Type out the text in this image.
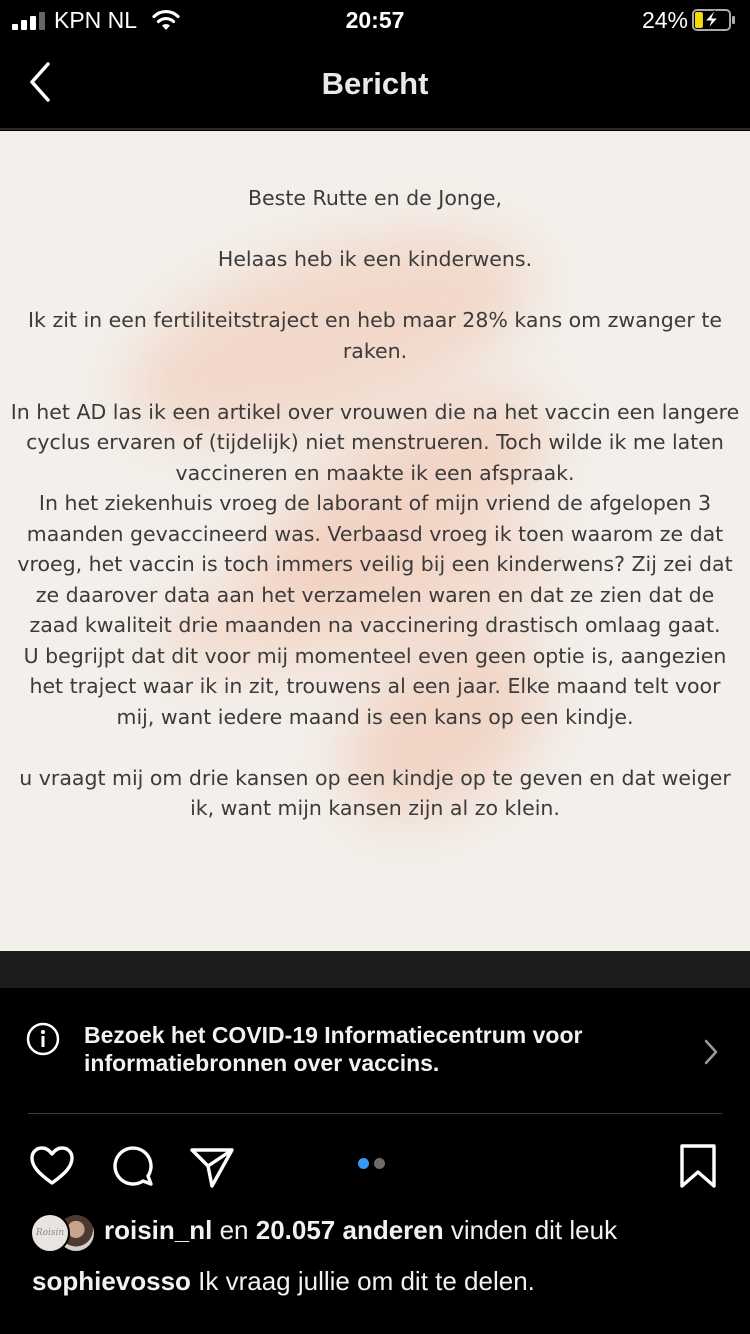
KPN NL	20:57	24%
Bericht

Beste Rutte en de Jonge,

Helaas heb ik een kinderwens.

Ik zit in een fertiliteitstraject en heb maar 28% kans om zwanger te raken.

In het AD las ik een artikel over vrouwen die na het vaccin een langere cyclus ervaren of (tijdelijk) niet menstrueren. Toch wilde ik me laten vaccineren en maakte ik een afspraak.

In het ziekenhuis vroeg de laborant of mijn vriend de afgelopen 3 maanden gevaccineerd was. Verbaasd vroeg ik toen waarom ze dat vroeg, het vaccin is toch immers veilig bij een kinderwens? Zij zei dat ze daarover data aan het verzamelen waren en dat ze zien dat de zaad kwaliteit drie maanden na vaccinering drastisch omlaag gaat.

U begrijpt dat dit voor mij momenteel even geen optie is, aangezien het traject waar ik in zit, trouwens al een jaar. Elke maand telt voor mij, want iedere maand is een kans op een kindje.

u vraagt mij om drie kansen op een kindje op te geven en dat weiger ik, want mijn kansen zijn al zo klein.

Bezoek het COVID-19 Informatiecentrum voor informatiebronnen over vaccins.
Roisin roisin_nl en 20.057 anderen vinden dit leuk
sophievosso Ik vraag jullie om dit te delen.
